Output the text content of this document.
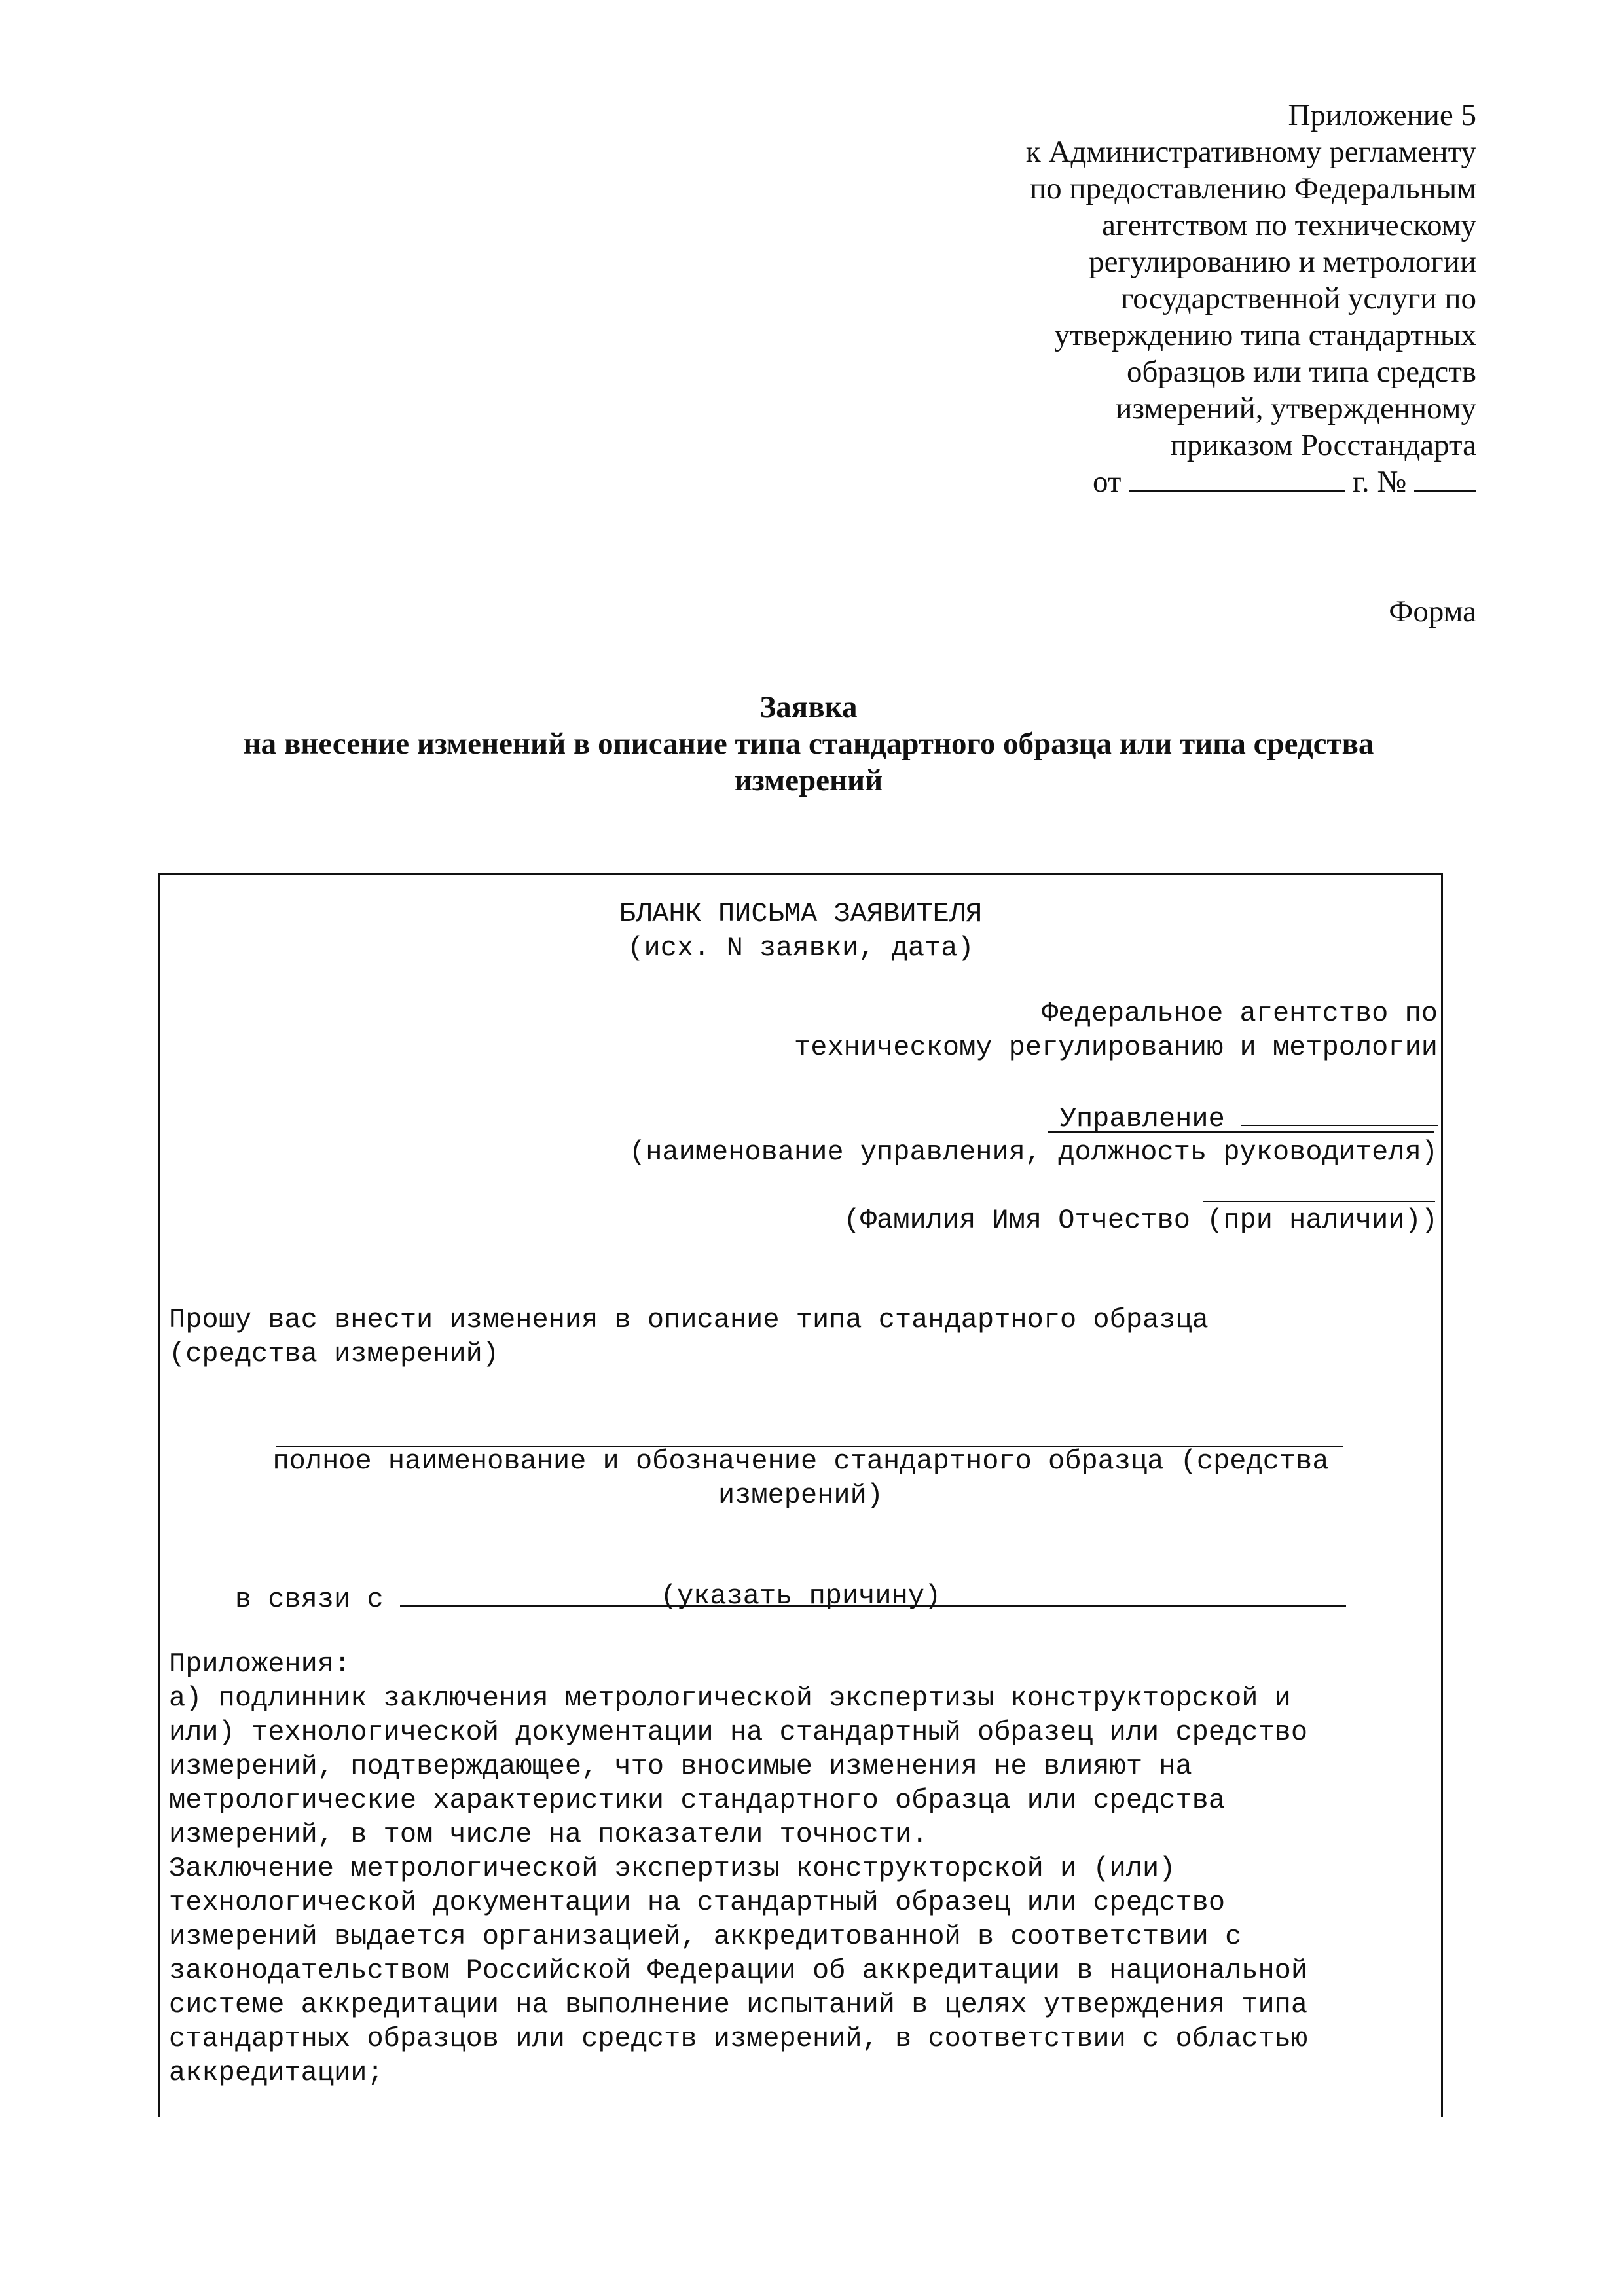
Приложение 5
к Административному регламенту
по предоставлению Федеральным
агентством по техническому
регулированию и метрологии
государственной услуги по
утверждению типа стандартных
образцов или типа средств
измерений, утвержденному
приказом Росстандарта
от	г. №
Форма
Заявка
на внесение изменений в описание типа стандартного образца или типа средства
измерений
БЛАНК ПИСЬМА ЗАЯВИТЕЛЯ
(исх. N заявки, дата)
Федеральное агентство по
техническому регулированию и метрологии

Управление

(наименование управления, должность руководителя)
(Фамилия Имя Отчество (при наличии))
Прошу вас внести изменения в описание типа стандартного образца
(средства измерений)
полное наименование и обозначение стандартного образца (средства
измерений)

в связи с
	(указать причину)
Приложения:
а) подлинник заключения метрологической экспертизы конструкторской и
или) технологической документации на стандартный образец или средство
измерений, подтверждающее, что вносимые изменения не влияют на
метрологические характеристики стандартного образца или средства
измерений, в том числе на показатели точности.
Заключение метрологической экспертизы конструкторской и (или)
технологической документации на стандартный образец или средство
измерений выдается организацией, аккредитованной в соответствии с
законодательством Российской Федерации об аккредитации в национальной
системе аккредитации на выполнение испытаний в целях утверждения типа
стандартных образцов или средств измерений, в соответствии с областью
аккредитации;
